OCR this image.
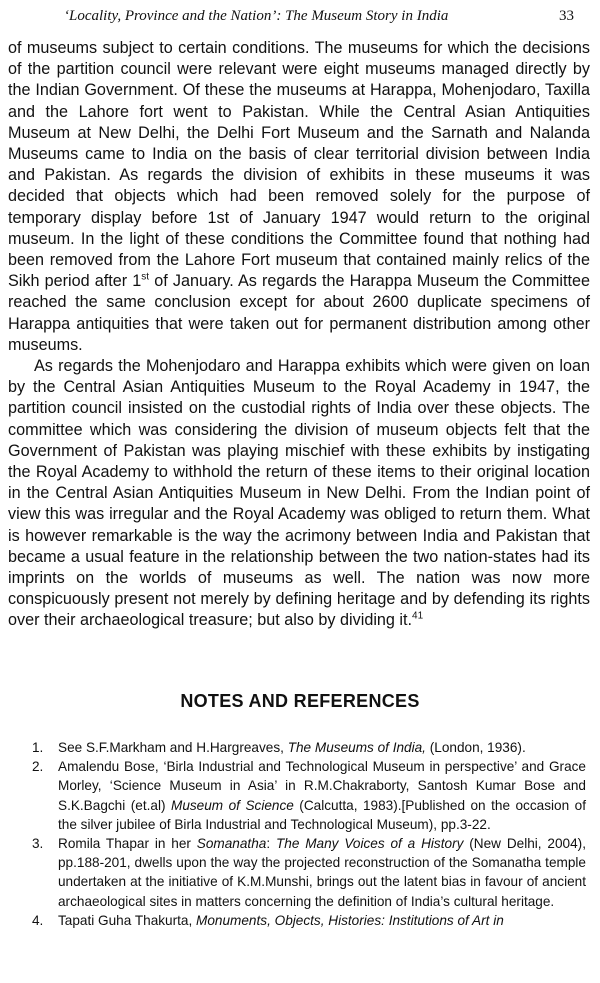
‘Locality, Province and the Nation’: The Museum Story in India	33

of museums subject to certain conditions. The museums for which the decisions of the partition council were relevant were eight museums managed directly by the Indian Government. Of these the museums at Harappa, Mohenjodaro, Taxilla and the Lahore fort went to Pakistan. While the Central Asian Antiquities Museum at New Delhi, the Delhi Fort Museum and the Sarnath and Nalanda Museums came to India on the basis of clear territorial division between India and Pakistan. As regards the division of exhibits in these museums it was decided that objects which had been removed solely for the purpose of temporary display before 1st of January 1947 would return to the original museum. In the light of these conditions the Committee found that nothing had been removed from the Lahore Fort museum that contained mainly relics of the Sikh period after 1st of January. As regards the Harappa Museum the Committee reached the same conclusion except for about 2600 duplicate specimens of Harappa antiquities that were taken out for permanent distribution among other museums.

As regards the Mohenjodaro and Harappa exhibits which were given on loan by the Central Asian Antiquities Museum to the Royal Academy in 1947, the partition council insisted on the custodial rights of India over these objects. The committee which was considering the division of museum objects felt that the Government of Pakistan was playing mischief with these exhibits by instigating the Royal Academy to withhold the return of these items to their original location in the Central Asian Antiquities Museum in New Delhi. From the Indian point of view this was irregular and the Royal Academy was obliged to return them. What is however remarkable is the way the acrimony between India and Pakistan that became a usual feature in the relationship between the two nation-states had its imprints on the worlds of museums as well. The nation was now more conspicuously present not merely by defining heritage and by defending its rights over their archaeological treasure; but also by dividing it.$^{41}$

NOTES AND REFERENCES
1. See S.F.Markham and H.Hargreaves, The Museums of India, (London, 1936).
2. Amalendu Bose, ‘Birla Industrial and Technological Museum in perspective’ and Grace Morley, ‘Science Museum in Asia’ in R.M.Chakraborty, Santosh Kumar Bose and S.K.Bagchi (et.al) Museum of Science (Calcutta, 1983).[Published on the occasion of the silver jubilee of Birla Industrial and Technological Museum), pp.3-22.
3. Romila Thapar in her Somanatha: The Many Voices of a History (New Delhi, 2004), pp.188-201, dwells upon the way the projected reconstruction of the Somanatha temple undertaken at the initiative of K.M.Munshi, brings out the latent bias in favour of ancient archaeological sites in matters concerning the definition of India’s cultural heritage.
4. Tapati Guha Thakurta, Monuments, Objects, Histories: Institutions of Art in
